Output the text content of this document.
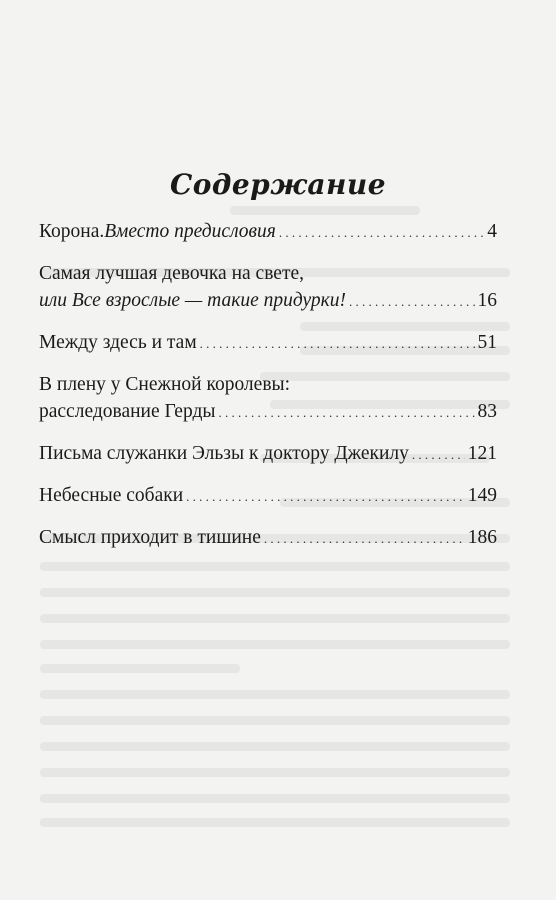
Содержание
Корона. Вместо предисловия . . .	4
Самая лучшая девочка на свете,
или Все взрослые — такие придурки! . . .	16
Между здесь и там . . .	51
В плену у Снежной королевы:
расследование Герды . . .	83
Письма служанки Эльзы к доктору Джекилу . . .	121
Небесные собаки . . .	149
Смысл приходит в тишине . . .	186
